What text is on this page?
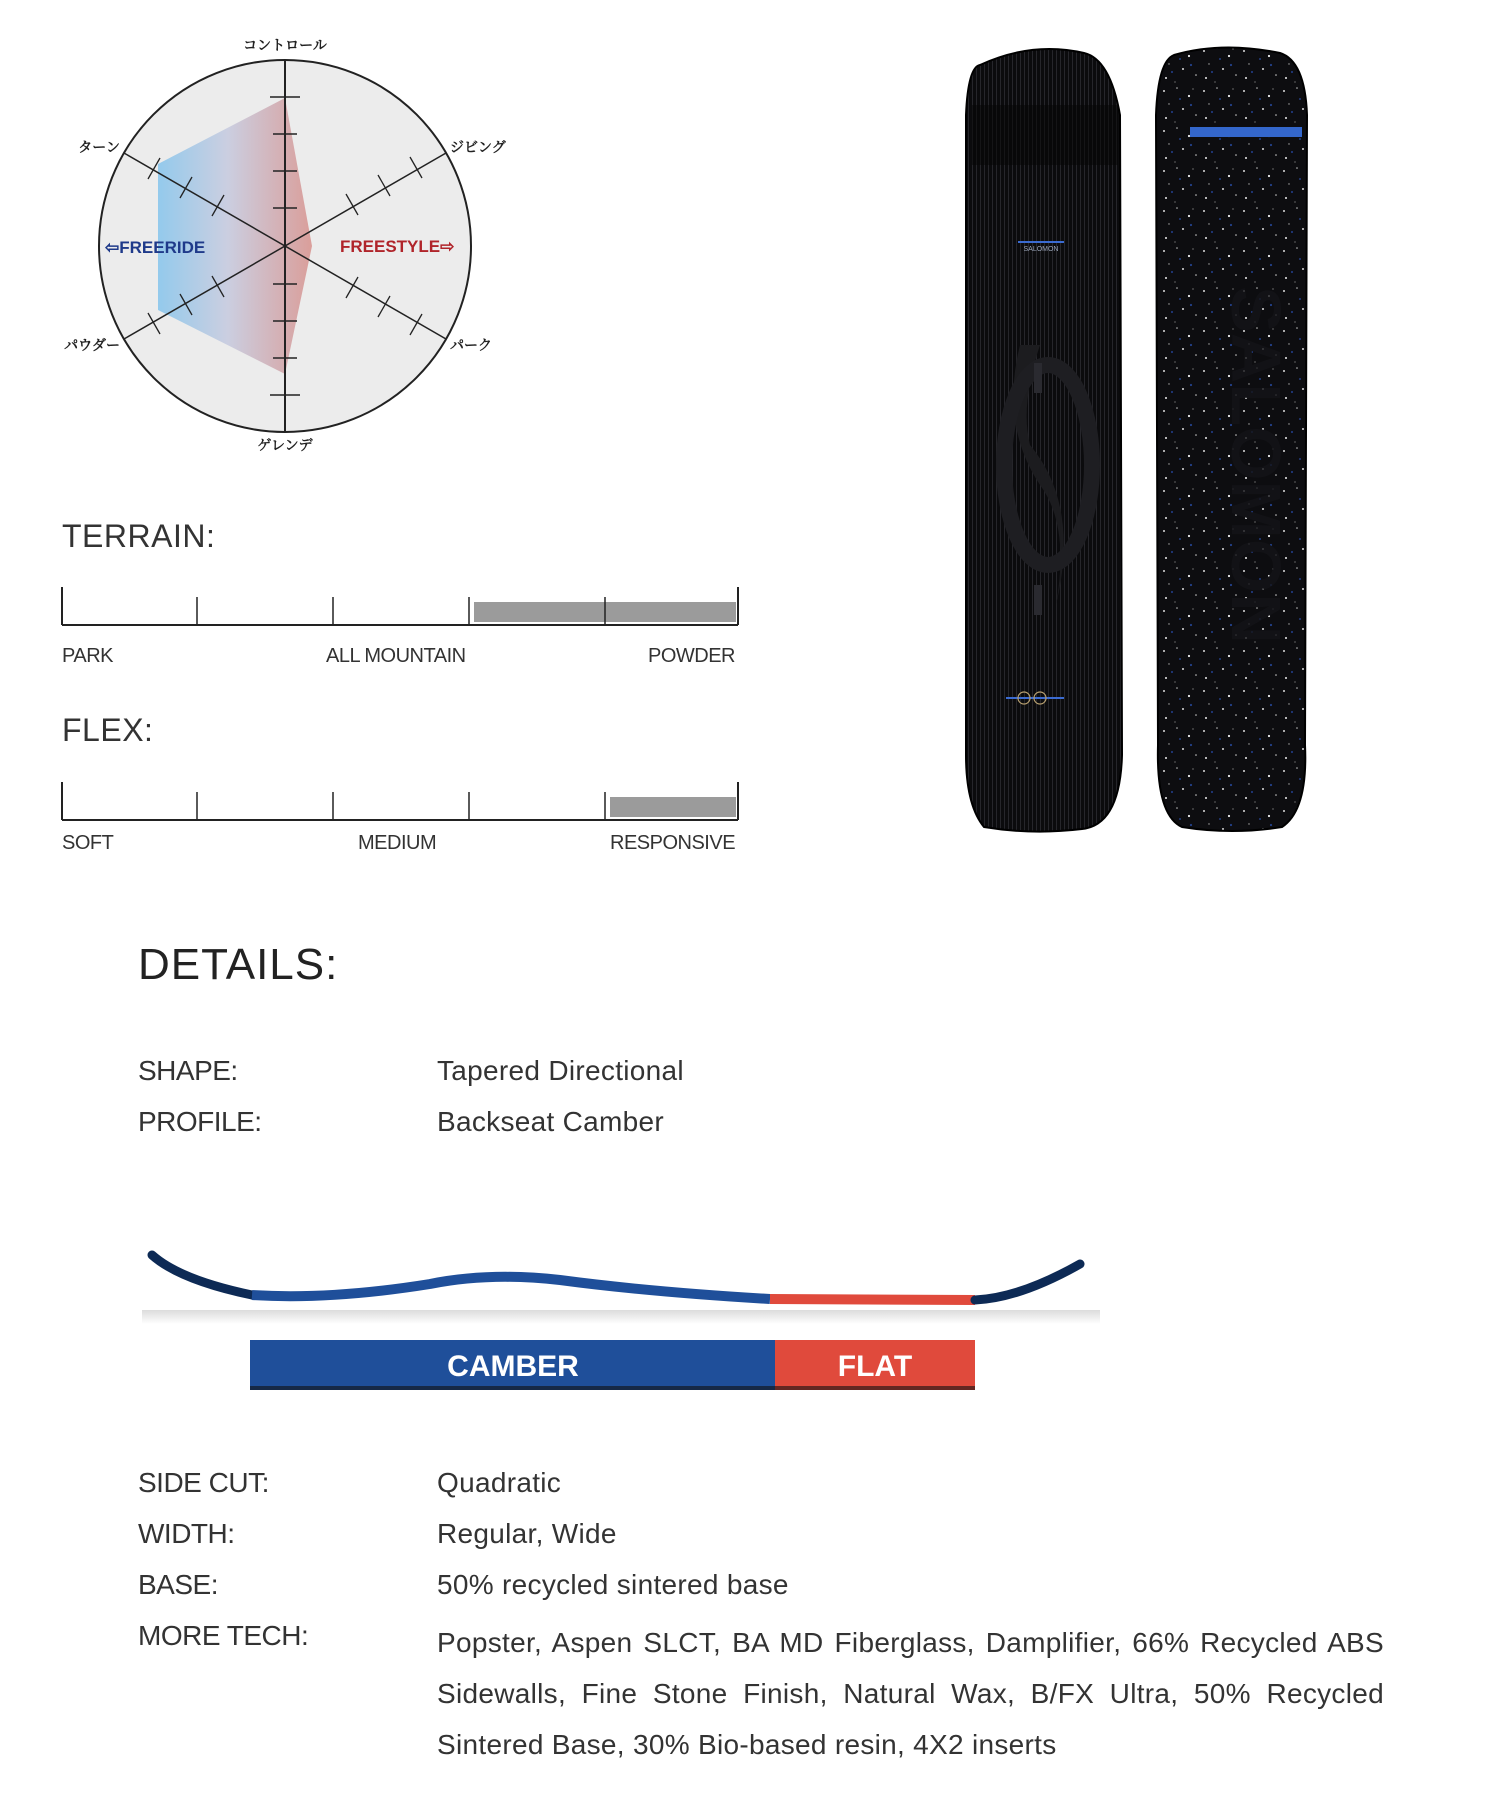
コントロール
ジビング
パーク
ゲレンデ
パウダー
ターン
⇦FREERIDE	FREESTYLE⇨
TERRAIN:
PARK	ALL MOUNTAIN	POWDER
FLEX:
SOFT	MEDIUM	RESPONSIVE
SALOMON
SALOMON
DETAILS:
SHAPE:	Tapered Directional
PROFILE:	Backseat Camber
CAMBER	FLAT
SIDE CUT:	Quadratic
WIDTH:	Regular, Wide
BASE:	50% recycled sintered base
MORE TECH:	Popster, Aspen SLCT, BA MD Fiberglass, Damplifier, 66% Recycled ABS Sidewalls, Fine Stone Finish, Natural Wax, B/FX Ultra, 50% Recycled Sintered Base, 30% Bio-based resin, 4X2 inserts
